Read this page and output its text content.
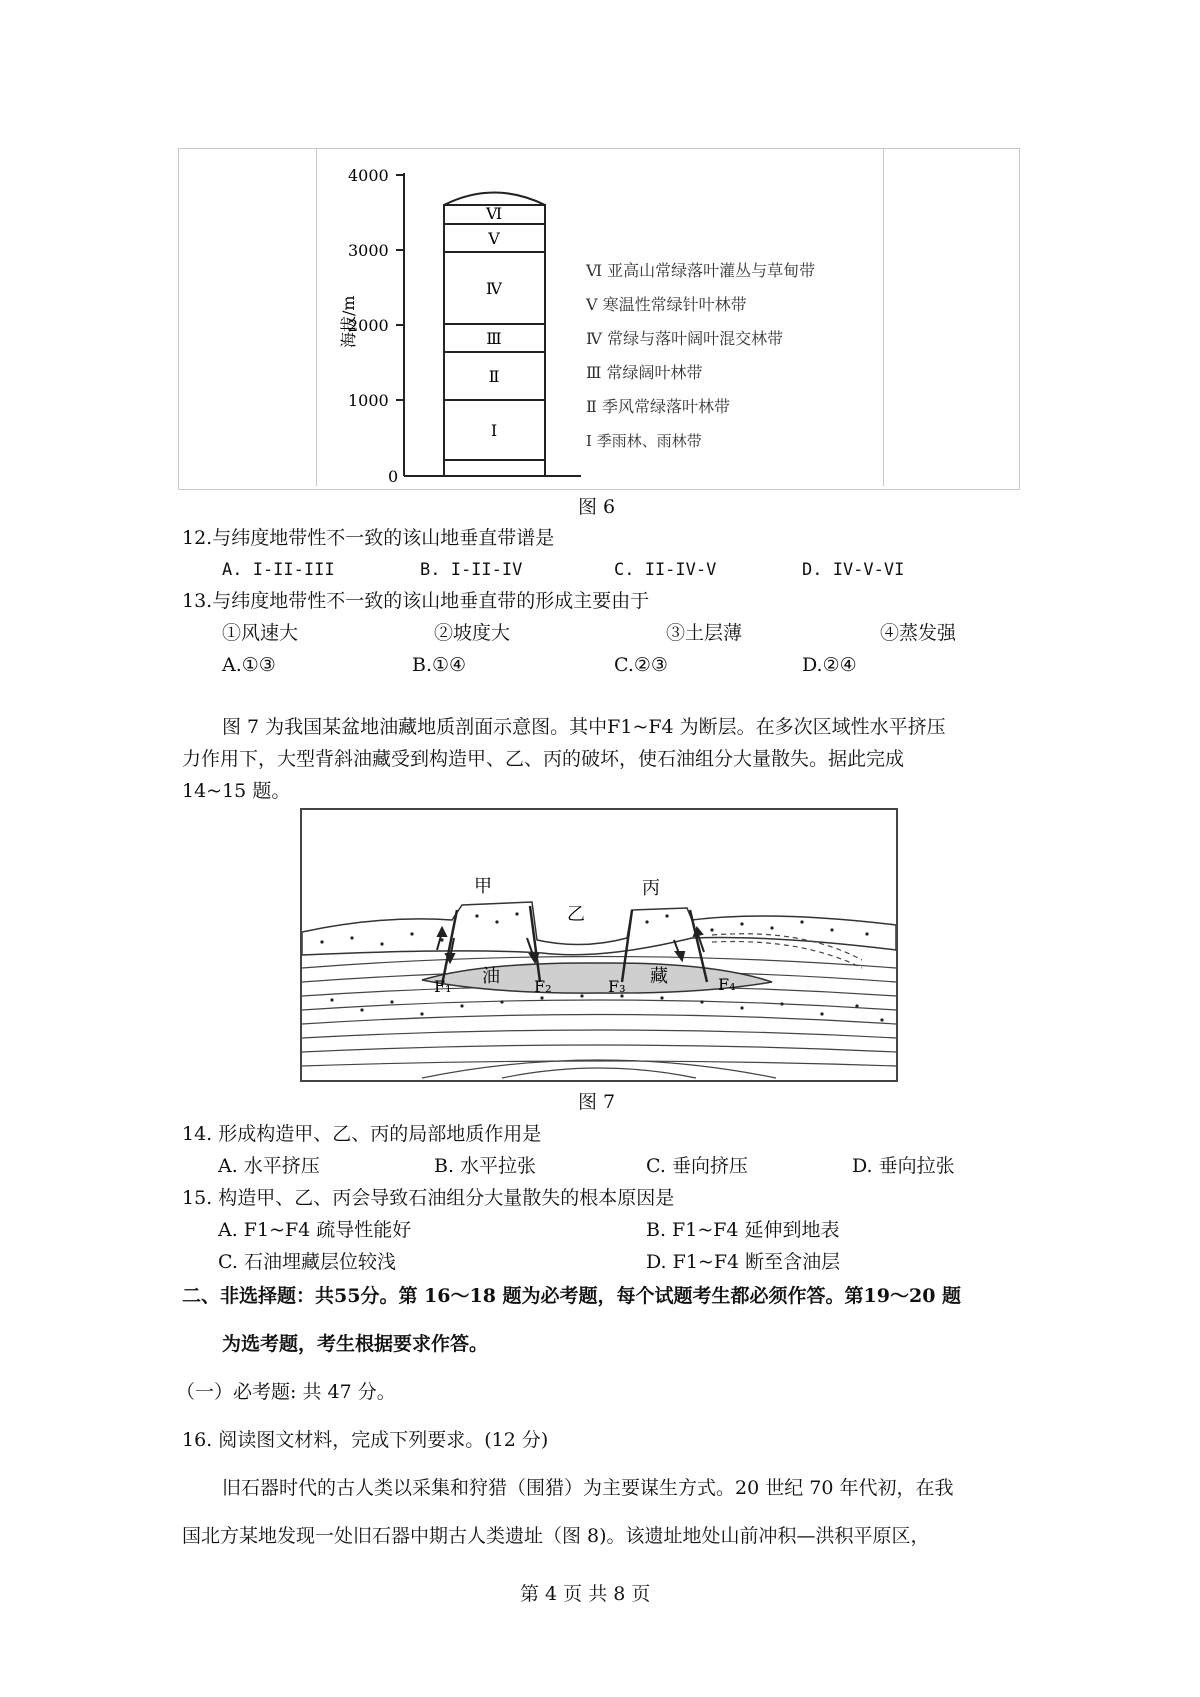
4000
3000
2000
1000
0
海拔/m
Ⅵ
Ⅴ
Ⅳ
Ⅲ
Ⅱ
Ⅰ
Ⅵ 亚高山常绿落叶灌丛与草甸带
Ⅴ 寒温性常绿针叶林带
Ⅳ 常绿与落叶阔叶混交林带
Ⅲ 常绿阔叶林带
Ⅱ 季风常绿落叶林带
Ⅰ 季雨林、雨林带
图 6
12.与纬度地带性不一致的该山地垂直带谱是
A. I-II-III	B. I-II-IV	C. II-IV-V	D. IV-V-VI
13.与纬度地带性不一致的该山地垂直带的形成主要由于
①风速大	②坡度大	③土层薄	④蒸发强
A.①③	B.①④	C.②③	D.②④
图 7 为我国某盆地油藏地质剖面示意图。其中F1~F4 为断层。在多次区域性水平挤压
力作用下，大型背斜油藏受到构造甲、乙、丙的破坏，使石油组分大量散失。据此完成
14~15 题。
甲
乙
丙
油	藏
F₁	F₂	F₃	F₄
图 7
14. 形成构造甲、乙、丙的局部地质作用是
A. 水平挤压	B. 水平拉张	C. 垂向挤压	D. 垂向拉张
15. 构造甲、乙、丙会导致石油组分大量散失的根本原因是
A. F1~F4 疏导性能好	B. F1~F4 延伸到地表
C. 石油埋藏层位较浅	D. F1~F4 断至含油层
二、非选择题：共55分。第 16～18 题为必考题，每个试题考生都必须作答。第19～20 题
为选考题，考生根据要求作答。
（一）必考题: 共 47 分。
16. 阅读图文材料，完成下列要求。(12 分)
旧石器时代的古人类以采集和狩猎（围猎）为主要谋生方式。20 世纪 70 年代初，在我
国北方某地发现一处旧石器中期古人类遗址（图 8)。该遗址地处山前冲积—洪积平原区，
第 4 页 共 8 页
